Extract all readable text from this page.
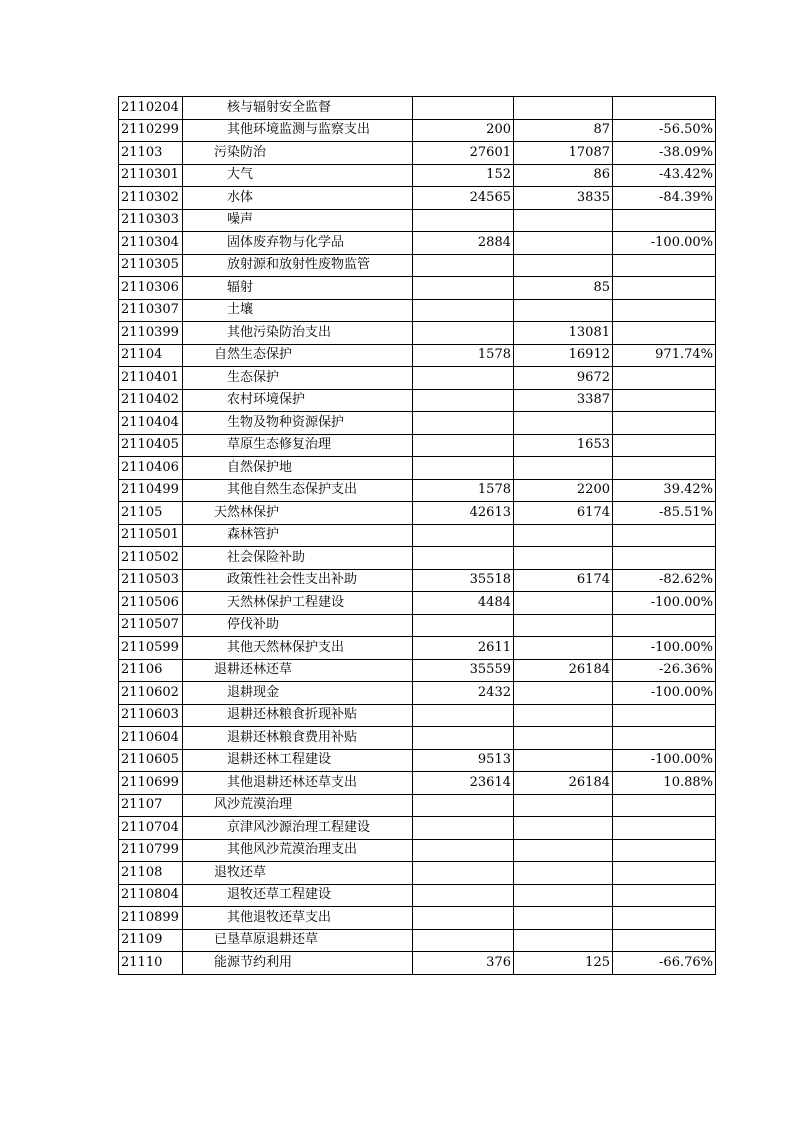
2110204	核与辐射安全监督			
2110299	其他环境监测与监察支出	200	87	-56.50%
21103	污染防治	27601	17087	-38.09%
2110301	大气	152	86	-43.42%
2110302	水体	24565	3835	-84.39%
2110303	噪声			
2110304	固体废弃物与化学品	2884		-100.00%
2110305	放射源和放射性废物监管			
2110306	辐射		85	
2110307	土壤			
2110399	其他污染防治支出		13081	
21104	自然生态保护	1578	16912	971.74%
2110401	生态保护		9672	
2110402	农村环境保护		3387	
2110404	生物及物种资源保护			
2110405	草原生态修复治理		1653	
2110406	自然保护地			
2110499	其他自然生态保护支出	1578	2200	39.42%
21105	天然林保护	42613	6174	-85.51%
2110501	森林管护			
2110502	社会保险补助			
2110503	政策性社会性支出补助	35518	6174	-82.62%
2110506	天然林保护工程建设	4484		-100.00%
2110507	停伐补助			
2110599	其他天然林保护支出	2611		-100.00%
21106	退耕还林还草	35559	26184	-26.36%
2110602	退耕现金	2432		-100.00%
2110603	退耕还林粮食折现补贴			
2110604	退耕还林粮食费用补贴			
2110605	退耕还林工程建设	9513		-100.00%
2110699	其他退耕还林还草支出	23614	26184	10.88%
21107	风沙荒漠治理			
2110704	京津风沙源治理工程建设			
2110799	其他风沙荒漠治理支出			
21108	退牧还草			
2110804	退牧还草工程建设			
2110899	其他退牧还草支出			
21109	已垦草原退耕还草			
21110	能源节约利用	376	125	-66.76%
